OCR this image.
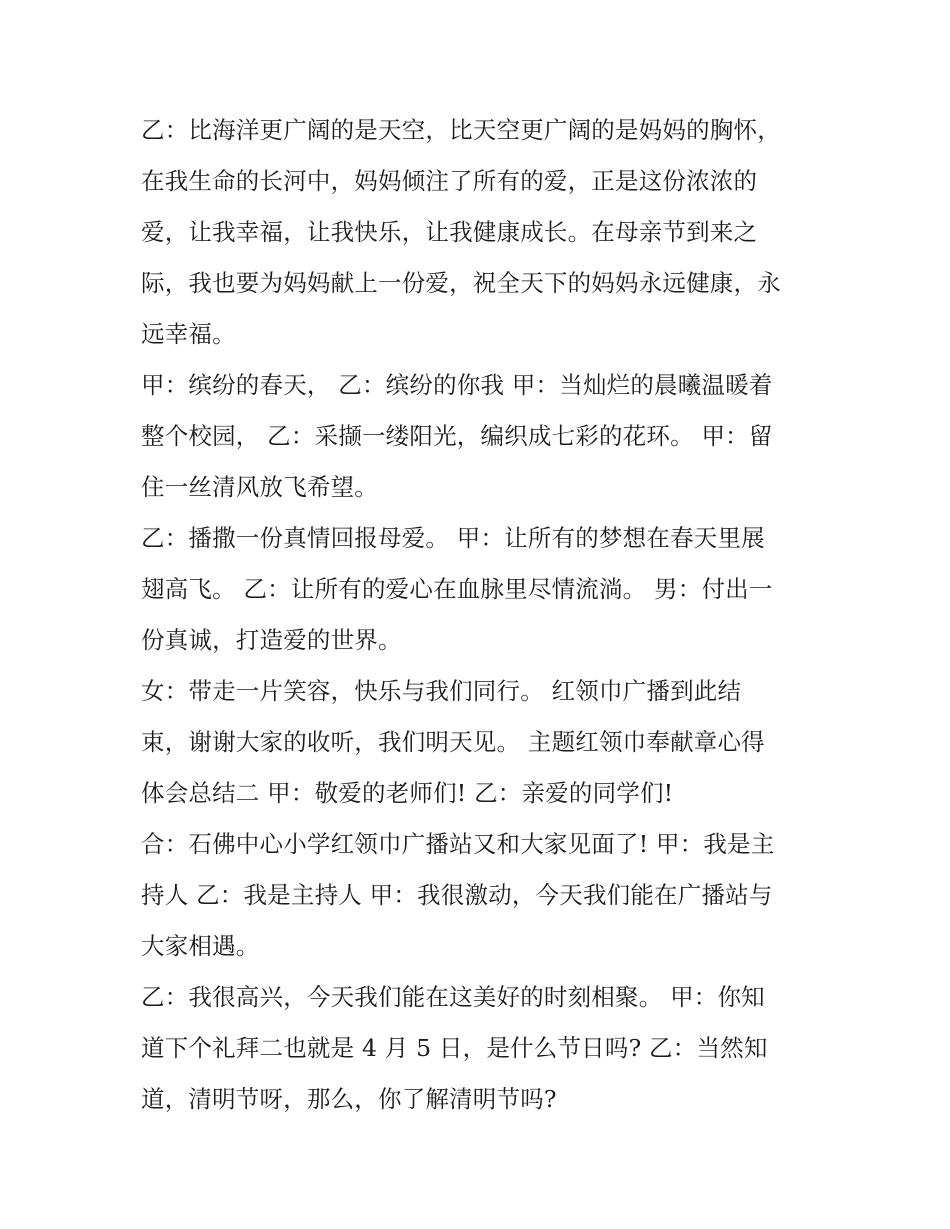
乙：比海洋更广阔的是天空，比天空更广阔的是妈妈的胸怀，
在我生命的长河中，妈妈倾注了所有的爱，正是这份浓浓的
爱，让我幸福，让我快乐，让我健康成长。在母亲节到来之
际，我也要为妈妈献上一份爱，祝全天下的妈妈永远健康，永
远幸福。
甲：缤纷的春天， 乙：缤纷的你我 甲：当灿烂的晨曦温暖着
整个校园， 乙：采撷一缕阳光，编织成七彩的花环。 甲：留
住一丝清风放飞希望。
乙：播撒一份真情回报母爱。 甲：让所有的梦想在春天里展
翅高飞。 乙：让所有的爱心在血脉里尽情流淌。 男：付出一
份真诚，打造爱的世界。
女：带走一片笑容，快乐与我们同行。 红领巾广播到此结
束，谢谢大家的收听，我们明天见。 主题红领巾奉献章心得
体会总结二 甲：敬爱的老师们! 乙：亲爱的同学们!
合：石佛中心小学红领巾广播站又和大家见面了! 甲：我是主
持人 乙：我是主持人 甲：我很激动，今天我们能在广播站与
大家相遇。
乙：我很高兴，今天我们能在这美好的时刻相聚。 甲：你知
道下个礼拜二也就是 4 月 5 日，是什么节日吗? 乙：当然知
道，清明节呀，那么，你了解清明节吗?
